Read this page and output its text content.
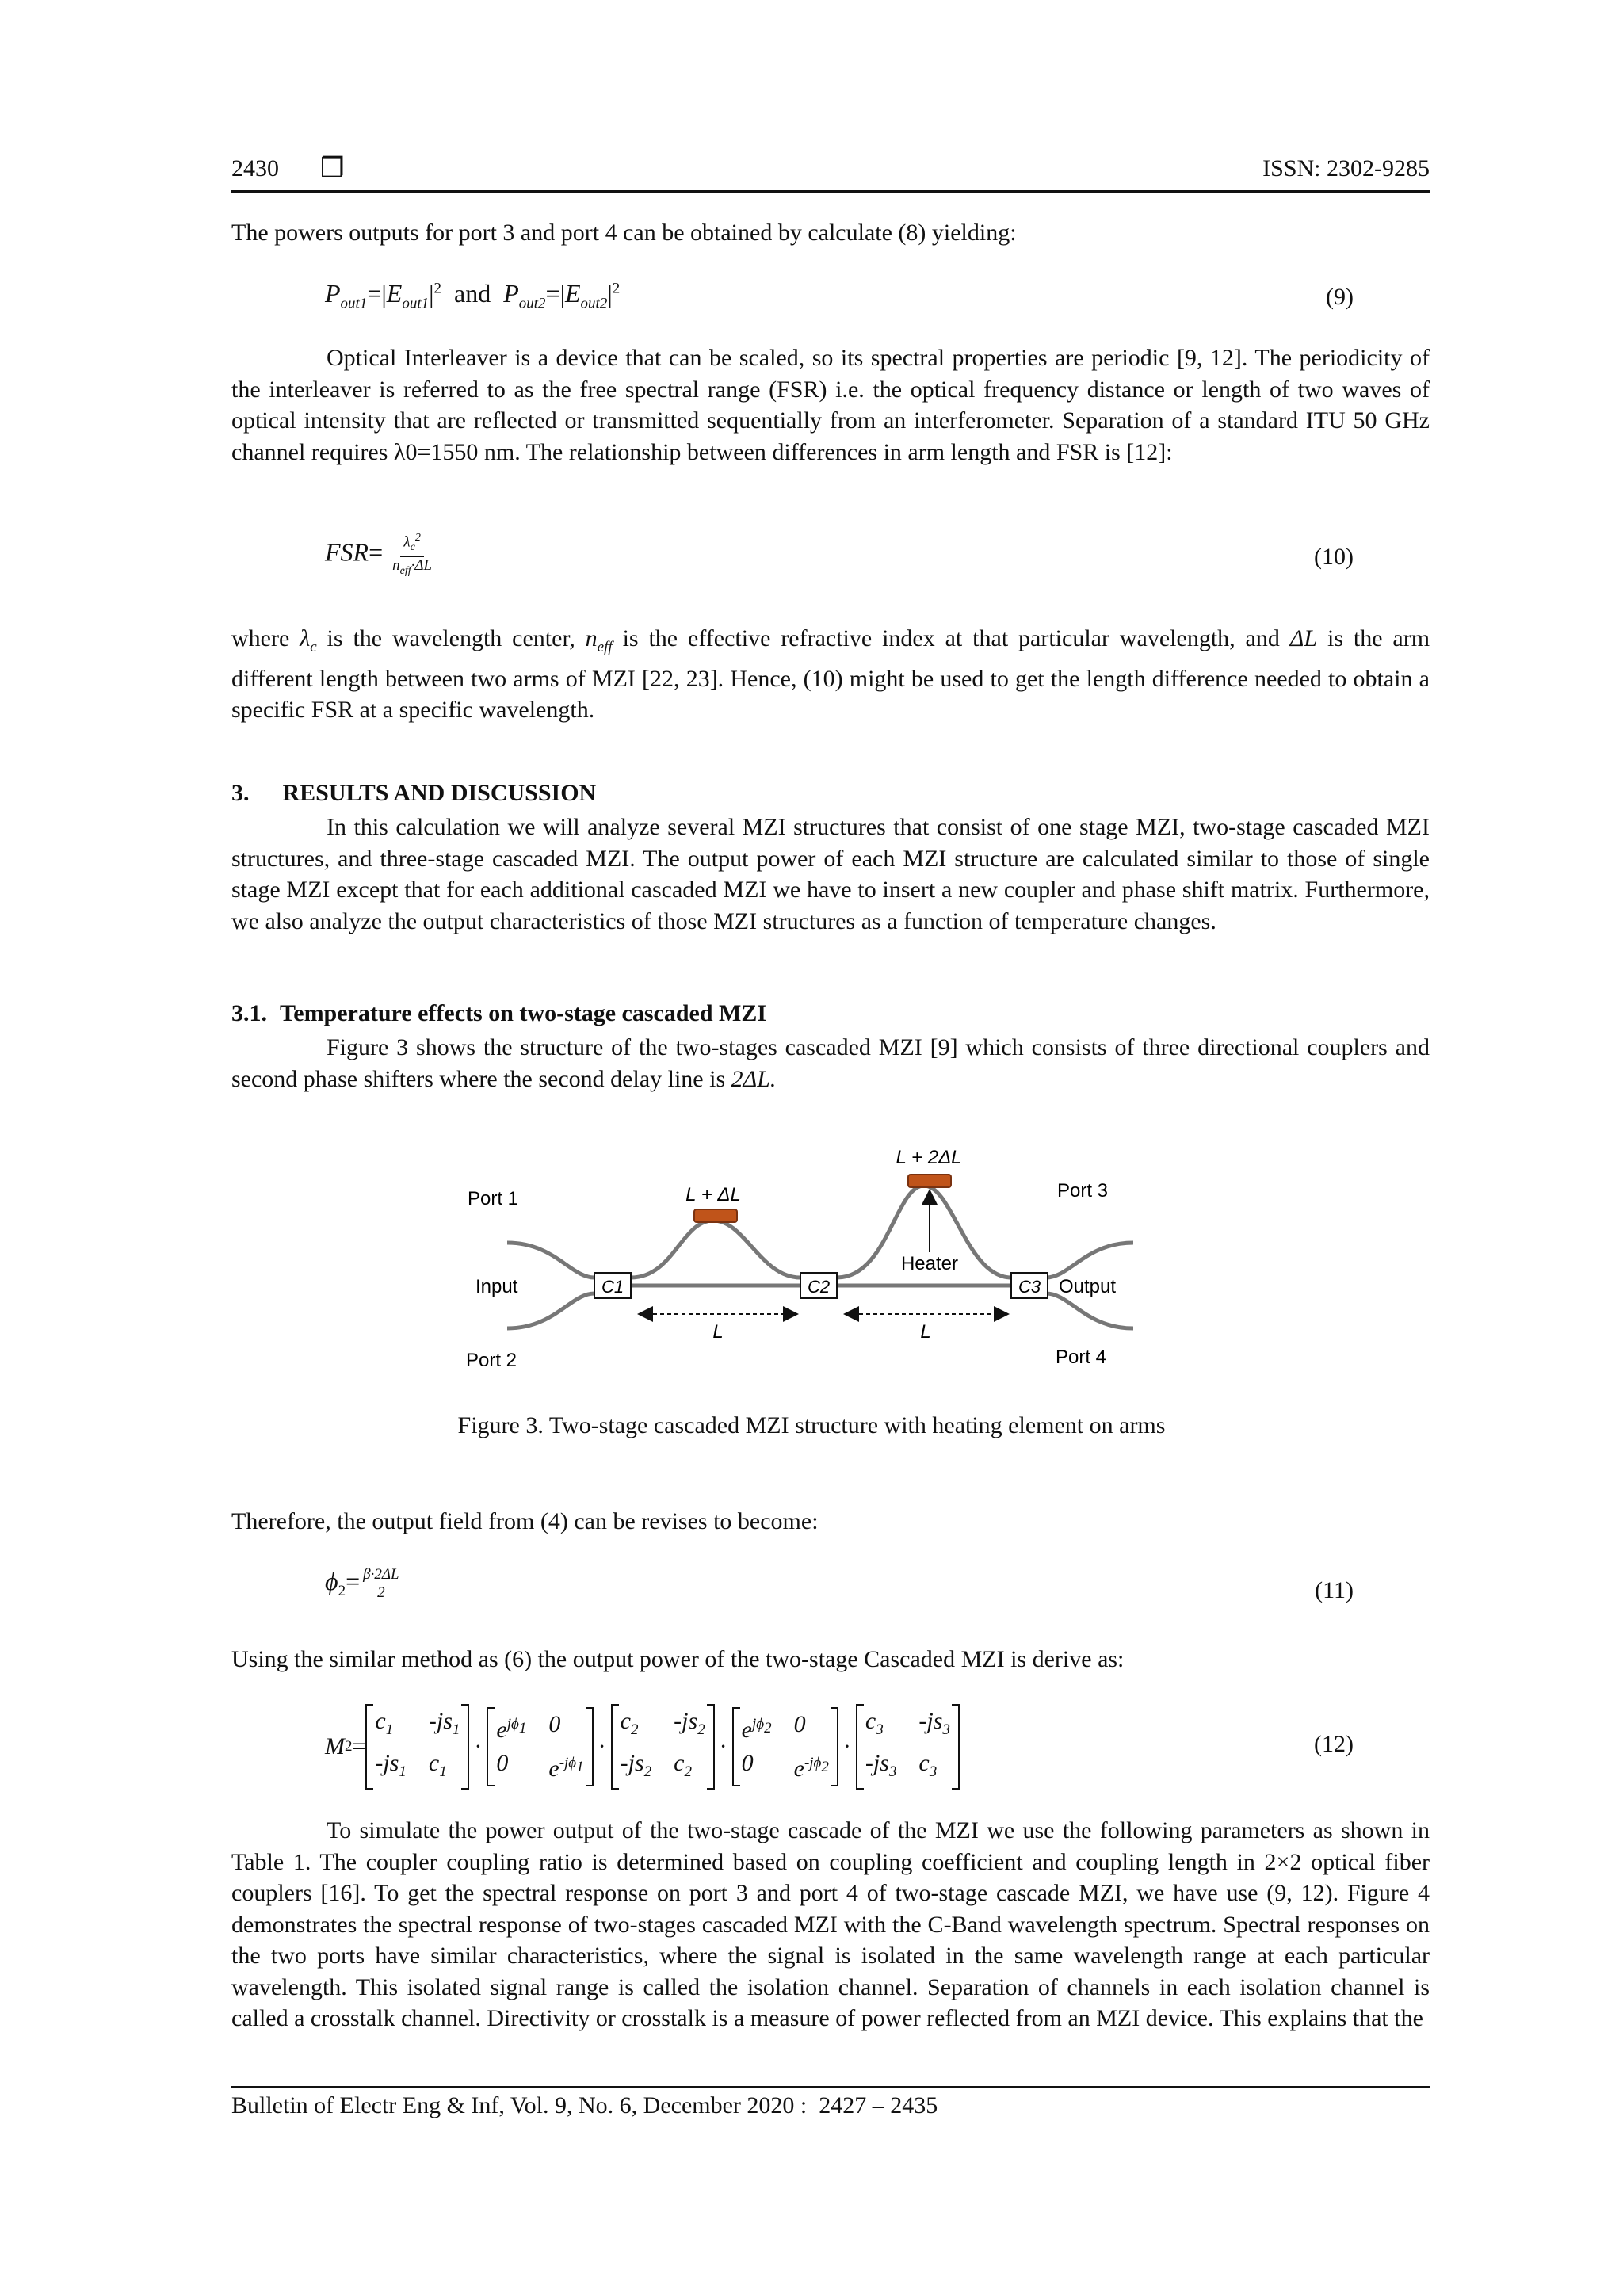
2430 ❒	ISSN: 2302-9285
The powers outputs for port 3 and port 4 can be obtained by calculate (8) yielding:
$P_{out1}=|E_{out1}|^2$ and $P_{out2}=|E_{out2}|^2$	(9)
Optical Interleaver is a device that can be scaled, so its spectral properties are periodic [9, 12]. The periodicity of the interleaver is referred to as the free spectral range (FSR) i.e. the optical frequency distance or length of two waves of optical intensity that are reflected or transmitted sequentially from an interferometer. Separation of a standard ITU 50 GHz channel requires λ0=1550 nm. The relationship between differences in arm length and FSR is [12]:
$FSR= \frac{\lambda_c^2}{n_{eff}\cdot\Delta L}$	(10)
where $\lambda_c$ is the wavelength center, $n_{eff}$ is the effective refractive index at that particular wavelength, and ΔL is the arm different length between two arms of MZI [22, 23]. Hence, (10) might be used to get the length difference needed to obtain a specific FSR at a specific wavelength.
3. RESULTS AND DISCUSSION
In this calculation we will analyze several MZI structures that consist of one stage MZI, two-stage cascaded MZI structures, and three-stage cascaded MZI. The output power of each MZI structure are calculated similar to those of single stage MZI except that for each additional cascaded MZI we have to insert a new coupler and phase shift matrix. Furthermore, we also analyze the output characteristics of those MZI structures as a function of temperature changes.
3.1. Temperature effects on two-stage cascaded MZI
Figure 3 shows the structure of the two-stages cascaded MZI [9] which consists of three directional couplers and second phase shifters where the second delay line is 2ΔL.
C1	C2	C3
Port 1
Input
Port 2
Port 3
Output
Port 4
L + ΔL
L + 2ΔL
Heater
L	L
Figure 3. Two-stage cascaded MZI structure with heating element on arms
Therefore, the output field from (4) can be revises to become:
$\phi_2= \frac{\beta\cdot 2\Delta L}{2}$	(11)
Using the similar method as (6) the output power of the two-stage Cascaded MZI is derive as:
M 2 =
$c_1$	$-js_1$
$-js_1$ $c_1$
·
$e^{j\phi_1}$ 0
0	$e^{-j\phi_1}$
·
$c_2$	$-js_2$
$-js_2$ $c_2$
·
$e^{j\phi_2}$ 0
0	$e^{-j\phi_2}$
·
$c_3$	$-js_3$
$-js_3$ $c_3$
(12)
To simulate the power output of the two-stage cascade of the MZI we use the following parameters as shown in Table 1. The coupler coupling ratio is determined based on coupling coefficient and coupling length in 2×2 optical fiber couplers [16]. To get the spectral response on port 3 and port 4 of two-stage cascade MZI, we have use (9, 12). Figure 4 demonstrates the spectral response of two-stages cascaded MZI with the C-Band wavelength spectrum. Spectral responses on the two ports have similar characteristics, where the signal is isolated in the same wavelength range at each particular wavelength. This isolated signal range is called the isolation channel. Separation of channels in each isolation channel is called a crosstalk channel. Directivity or crosstalk is a measure of power reflected from an MZI device. This explains that the
Bulletin of Electr Eng & Inf, Vol. 9, No. 6, December 2020 :  2427 – 2435
